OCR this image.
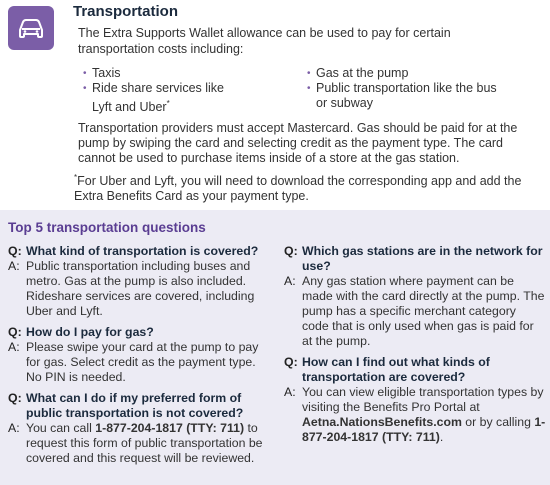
Transportation
The Extra Supports Wallet allowance can be used to pay for certain transportation costs including:
• Taxis
• Ride share services like Lyft and Uber*
• Gas at the pump
• Public transportation like the bus or subway
Transportation providers must accept Mastercard. Gas should be paid for at the pump by swiping the card and selecting credit as the payment type. The card cannot be used to purchase items inside of a store at the gas station.
*For Uber and Lyft, you will need to download the corresponding app and add the Extra Benefits Card as your payment type.
Top 5 transportation questions
Q: What kind of transportation is covered?
A: Public transportation including buses and metro. Gas at the pump is also included. Rideshare services are covered, including Uber and Lyft.
Q: How do I pay for gas?
A: Please swipe your card at the pump to pay for gas. Select credit as the payment type. No PIN is needed.
Q: What can I do if my preferred form of public transportation is not covered?
A: You can call 1-877-204-1817 (TTY: 711) to request this form of public transportation be covered and this request will be reviewed.
Q: Which gas stations are in the network for use?
A: Any gas station where payment can be made with the card directly at the pump. The pump has a specific merchant category code that is only used when gas is paid for at the pump.
Q: How can I find out what kinds of transportation are covered?
A: You can view eligible transportation types by visiting the Benefits Pro Portal at Aetna.NationsBenefits.com or by calling 1-877-204-1817 (TTY: 711).
